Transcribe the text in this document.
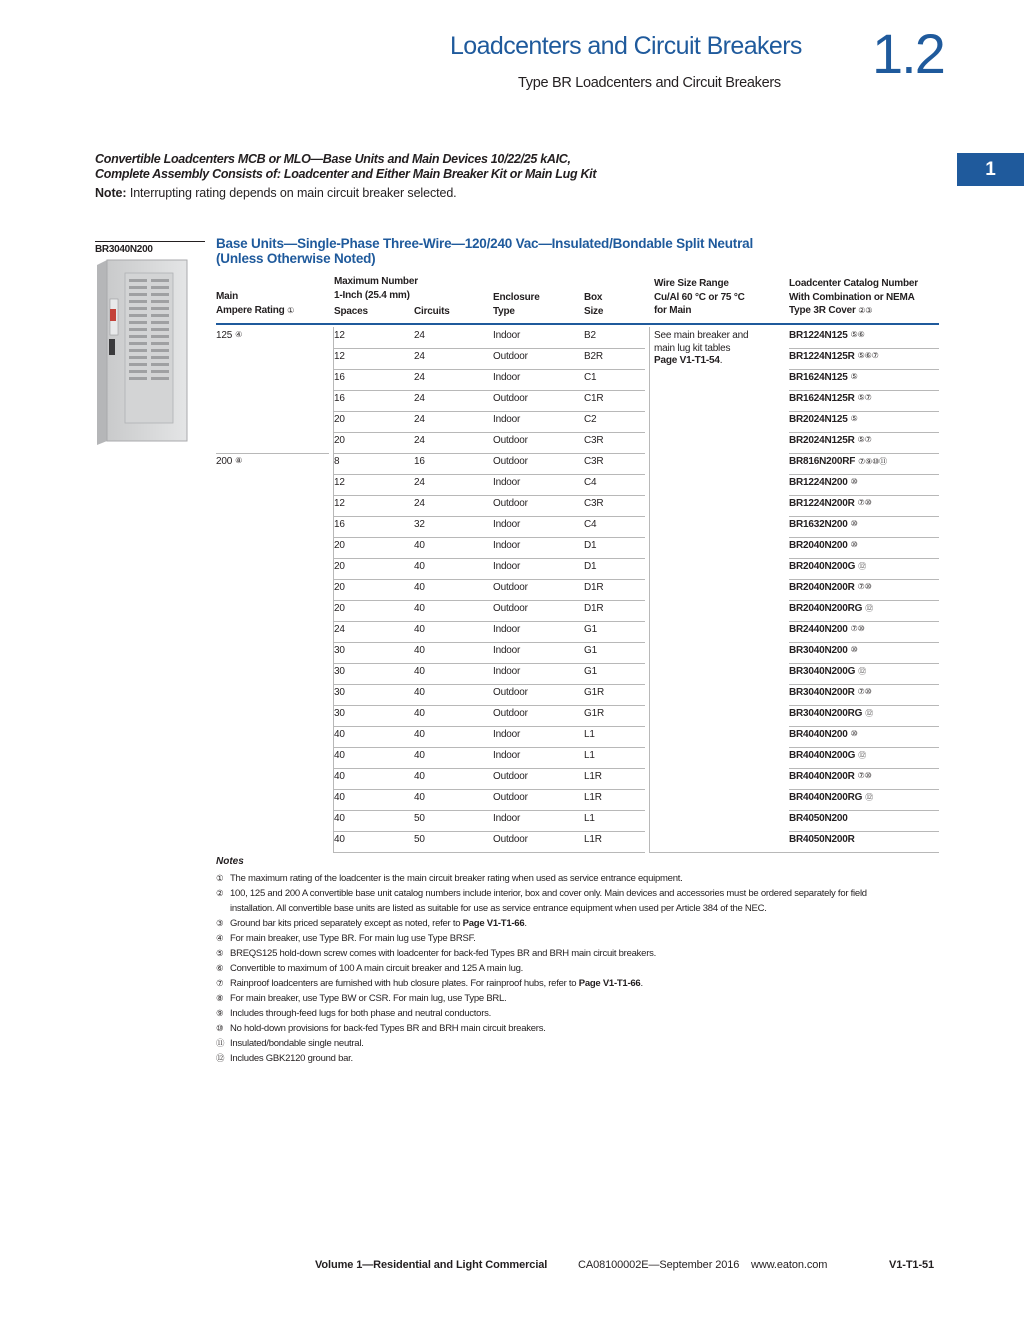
Loadcenters and Circuit Breakers
Type BR Loadcenters and Circuit Breakers 1.2
1
Convertible Loadcenters MCB or MLO—Base Units and Main Devices 10/22/25 kAIC,
Complete Assembly Consists of: Loadcenter and Either Main Breaker Kit or Main Lug Kit
Note: Interrupting rating depends on main circuit breaker selected.
BR3040N200	Base Units—Single-Phase Three-Wire—120/240 Vac—Insulated/Bondable Split Neutral
(Unless Otherwise Noted)
Main
Ampere Rating ①
Maximum Number
1-Inch (25.4 mm)
Spaces	Circuits
Enclosure
Type
Box
Size
Wire Size Range
Cu/Al 60 °C or 75 °C
for Main
Loadcenter Catalog Number
With Combination or NEMA
Type 3R Cover ②③
See main breaker and
main lug kit tables
Page V1-T1-54.
125 ④	12	24	Indoor	B2	BR1224N125 ⑤⑥
12	24	Outdoor	B2R	BR1224N125R ⑤⑥⑦
16	24	Indoor	C1	BR1624N125 ⑤
16	24	Outdoor	C1R	BR1624N125R ⑤⑦
20	24	Indoor	C2	BR2024N125 ⑤
20	24	Outdoor	C3R	BR2024N125R ⑤⑦
200 ⑧	8	16	Outdoor	C3R	BR816N200RF ⑦⑨⑩⑪
12	24	Indoor	C4	BR1224N200 ⑩
12	24	Outdoor	C3R	BR1224N200R ⑦⑩
16	32	Indoor	C4	BR1632N200 ⑩
20	40	Indoor	D1	BR2040N200 ⑩
20	40	Indoor	D1	BR2040N200G ⑫
20	40	Outdoor	D1R	BR2040N200R ⑦⑩
20	40	Outdoor	D1R	BR2040N200RG ⑫
24	40	Indoor	G1	BR2440N200 ⑦⑩
30	40	Indoor	G1	BR3040N200 ⑩
30	40	Indoor	G1	BR3040N200G ⑫
30	40	Outdoor	G1R	BR3040N200R ⑦⑩
30	40	Outdoor	G1R	BR3040N200RG ⑫
40	40	Indoor	L1	BR4040N200 ⑩
40	40	Indoor	L1	BR4040N200G ⑫
40	40	Outdoor	L1R	BR4040N200R ⑦⑩
40	40	Outdoor	L1R	BR4040N200RG ⑫
40	50	Indoor	L1	BR4050N200
40	50	Outdoor	L1R	BR4050N200R
Notes
① The maximum rating of the loadcenter is the main circuit breaker rating when used as service entrance equipment.
② 100, 125 and 200 A convertible base unit catalog numbers include interior, box and cover only. Main devices and accessories must be ordered separately for field
installation. All convertible base units are listed as suitable for use as service entrance equipment when used per Article 384 of the NEC.
③ Ground bar kits priced separately except as noted, refer to Page V1-T1-66.
④ For main breaker, use Type BR. For main lug use Type BRSF.
⑤ BREQS125 hold-down screw comes with loadcenter for back-fed Types BR and BRH main circuit breakers.
⑥ Convertible to maximum of 100 A main circuit breaker and 125 A main lug.
⑦ Rainproof loadcenters are furnished with hub closure plates. For rainproof hubs, refer to Page V1-T1-66.
⑧ For main breaker, use Type BW or CSR. For main lug, use Type BRL.
⑨ Includes through-feed lugs for both phase and neutral conductors.
⑩ No hold-down provisions for back-fed Types BR and BRH main circuit breakers.
⑪ Insulated/bondable single neutral.
⑫ Includes GBK2120 ground bar.
Volume 1—Residential and Light Commercial	CA08100002E—September 2016 www.eaton.com	V1-T1-51
